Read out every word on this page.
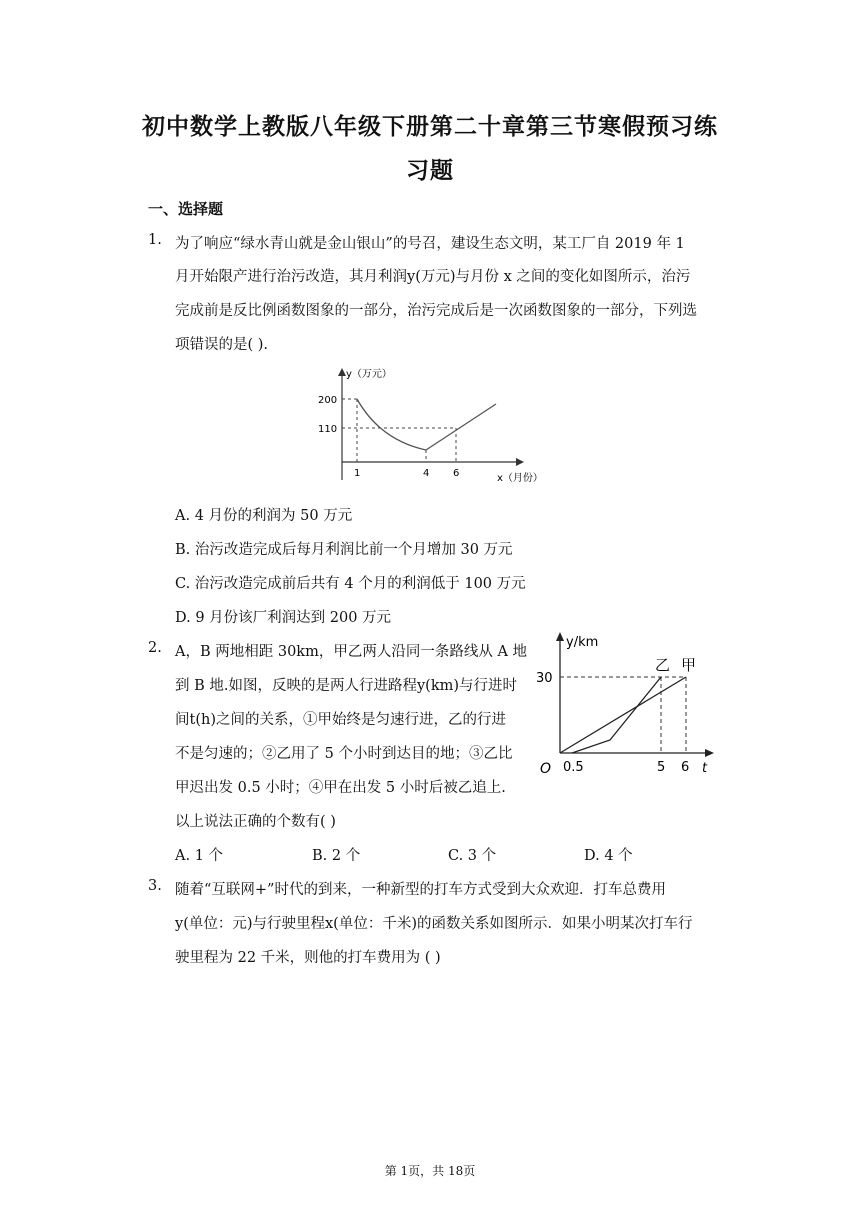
初中数学上教版八年级下册第二十章第三节寒假预习练
习题
一、选择题
1. 为了响应“绿水青山就是金山银山”的号召，建设生态文明，某工厂自 2019 年 1
月开始限产进行治污改造，其月利润y(万元)与月份 x 之间的变化如图所示，治污
完成前是反比例函数图象的一部分，治污完成后是一次函数图象的一部分，下列选
项错误的是( ).
y（万元）
x（月份）
200
110
1	4 6
A. 4 月份的利润为 50 万元
B. 治污改造完成后每月利润比前一个月增加 30 万元
C. 治污改造完成前后共有 4 个月的利润低于 100 万元
D. 9 月份该厂利润达到 200 万元
2. A，B 两地相距 30km，甲乙两人沿同一条路线从 A 地
到 B 地.如图，反映的是两人行进路程y(km)与行进时
间t(h)之间的关系，①甲始终是匀速行进，乙的行进
不是匀速的；②乙用了 5 个小时到达目的地；③乙比
甲迟出发 0.5 小时；④甲在出发 5 小时后被乙追上.
以上说法正确的个数有( )
y/km
t
O
30
0.5	5 6
乙 甲
A. 1 个	B. 2 个	C. 3 个	D. 4 个
3. 随着“互联网+”时代的到来，一种新型的打车方式受到大众欢迎．打车总费用
y(单位：元)与行驶里程x(单位：千米)的函数关系如图所示．如果小明某次打车行
驶里程为 22 千米，则他的打车费用为 ( )
第 1页，共 18页
